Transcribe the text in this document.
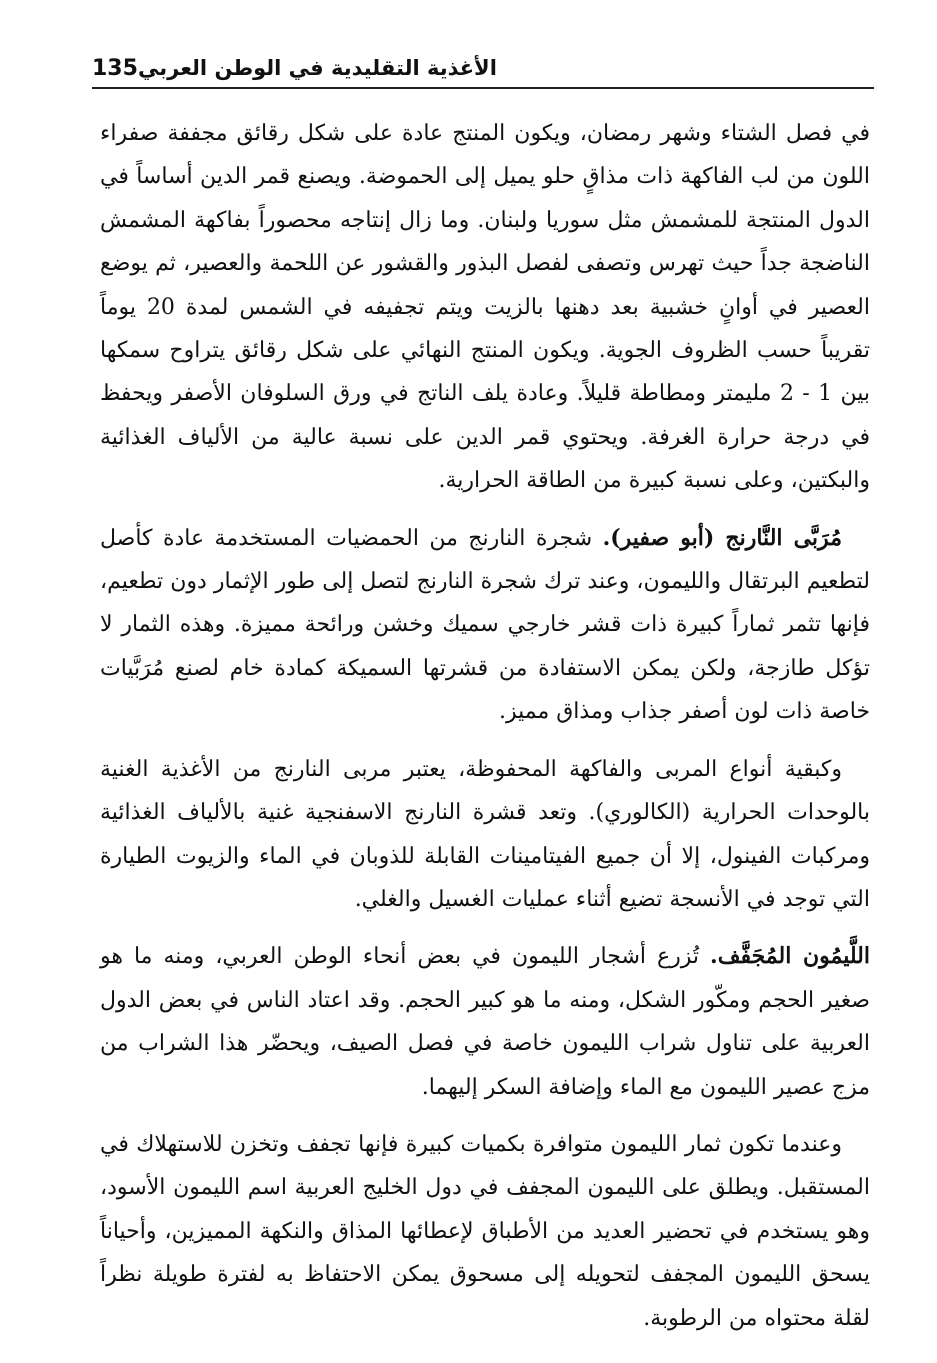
135 الأغذية التقليدية في الوطن العربي

في فصل الشتاء وشهر رمضان، ويكون المنتج عادة على شكل رقائق مجففة صفراء اللون من لب الفاكهة ذات مذاقٍ حلو يميل إلى الحموضة. ويصنع قمر الدين أساساً في الدول المنتجة للمشمش مثل سوريا ولبنان. وما زال إنتاجه محصوراً بفاكهة المشمش الناضجة جداً حيث تهرس وتصفى لفصل البذور والقشور عن اللحمة والعصير، ثم يوضع العصير في أوانٍ خشبية بعد دهنها بالزيت ويتم تجفيفه في الشمس لمدة 20 يوماً تقريباً حسب الظروف الجوية. ويكون المنتج النهائي على شكل رقائق يتراوح سمكها بين 1 - 2 مليمتر ومطاطة قليلاً. وعادة يلف الناتج في ورق السلوفان الأصفر ويحفظ في درجة حرارة الغرفة. ويحتوي قمر الدين على نسبة عالية من الألياف الغذائية والبكتين، وعلى نسبة كبيرة من الطاقة الحرارية.

مُرَبَّى النَّارنج (أبو صفير). شجرة النارنج من الحمضيات المستخدمة عادة كأصل لتطعيم البرتقال والليمون، وعند ترك شجرة النارنج لتصل إلى طور الإثمار دون تطعيم، فإنها تثمر ثماراً كبيرة ذات قشر خارجي سميك وخشن ورائحة مميزة. وهذه الثمار لا تؤكل طازجة، ولكن يمكن الاستفادة من قشرتها السميكة كمادة خام لصنع مُرَبَّيات خاصة ذات لون أصفر جذاب ومذاق مميز.

وكبقية أنواع المربى والفاكهة المحفوظة، يعتبر مربى النارنج من الأغذية الغنية بالوحدات الحرارية (الكالوري). وتعد قشرة النارنج الاسفنجية غنية بالألياف الغذائية ومركبات الفينول، إلا أن جميع الفيتامينات القابلة للذوبان في الماء والزيوت الطيارة التي توجد في الأنسجة تضيع أثناء عمليات الغسيل والغلي.

اللَّيمُون المُجَفَّف. تُزرع أشجار الليمون في بعض أنحاء الوطن العربي، ومنه ما هو صغير الحجم ومكّور الشكل، ومنه ما هو كبير الحجم. وقد اعتاد الناس في بعض الدول العربية على تناول شراب الليمون خاصة في فصل الصيف، ويحضّر هذا الشراب من مزج عصير الليمون مع الماء وإضافة السكر إليهما.

وعندما تكون ثمار الليمون متوافرة بكميات كبيرة فإنها تجفف وتخزن للاستهلاك في المستقبل. ويطلق على الليمون المجفف في دول الخليج العربية اسم الليمون الأسود، وهو يستخدم في تحضير العديد من الأطباق لإعطائها المذاق والنكهة المميزين، وأحياناً يسحق الليمون المجفف لتحويله إلى مسحوق يمكن الاحتفاظ به لفترة طويلة نظراً لقلة محتواه من الرطوبة.
